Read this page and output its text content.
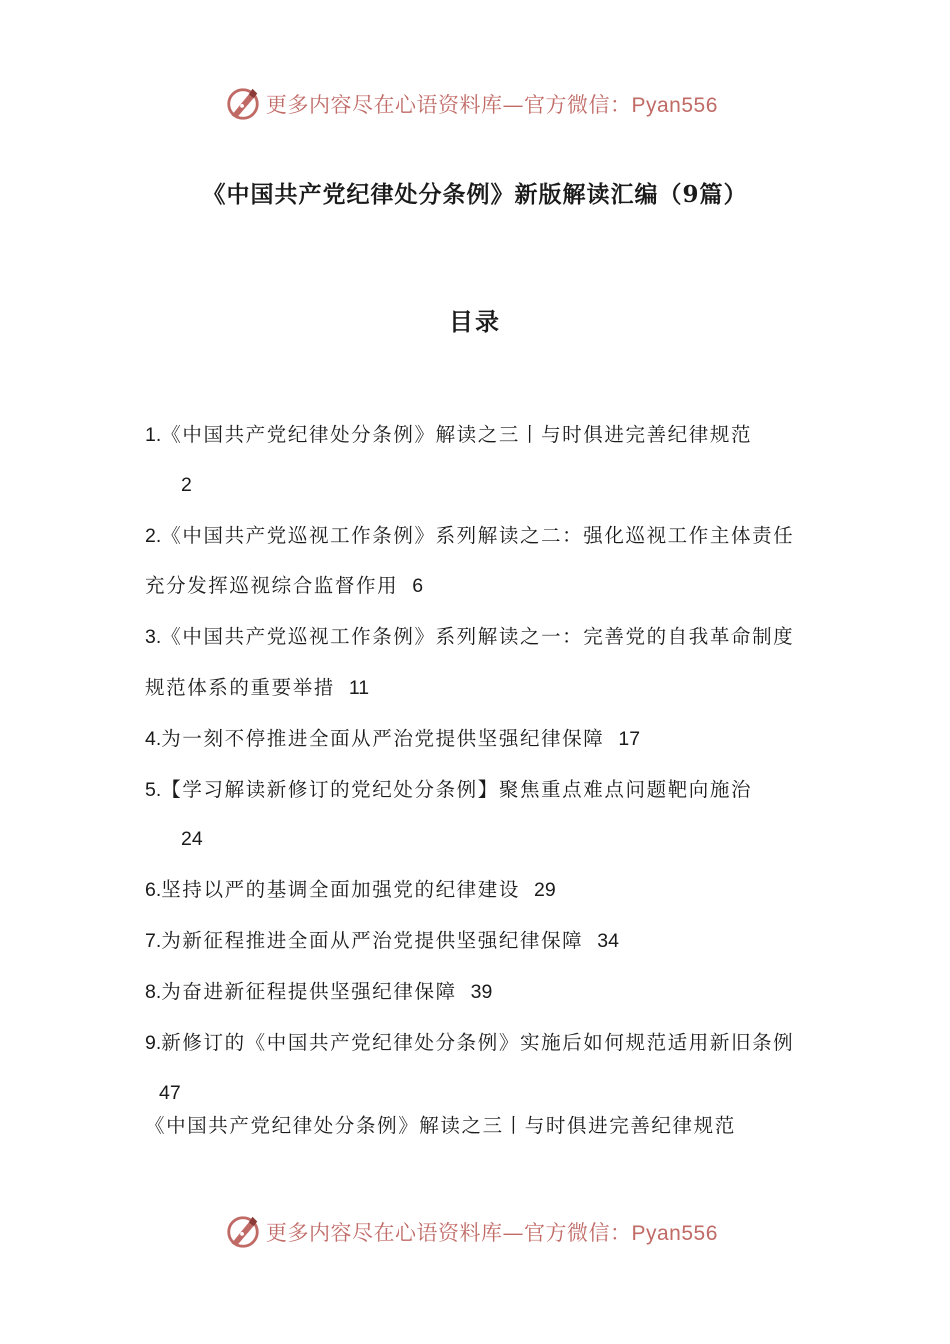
更多内容尽在心语资料库—官方微信：Pyan556
《中国共产党纪律处分条例》新版解读汇编（9篇）
目录
1.《中国共产党纪律处分条例》解读之三丨与时俱进完善纪律规范
2
2.《中国共产党巡视工作条例》系列解读之二：强化巡视工作主体责任充分发挥巡视综合监督作用 6
3.《中国共产党巡视工作条例》系列解读之一：完善党的自我革命制度规范体系的重要举措 11
4.为一刻不停推进全面从严治党提供坚强纪律保障 17
5.【学习解读新修订的党纪处分条例】聚焦重点难点问题靶向施治
24
6.坚持以严的基调全面加强党的纪律建设 29
7.为新征程推进全面从严治党提供坚强纪律保障 34
8.为奋进新征程提供坚强纪律保障 39
9.新修订的《中国共产党纪律处分条例》实施后如何规范适用新旧条例47
《中国共产党纪律处分条例》解读之三丨与时俱进完善纪律规范
更多内容尽在心语资料库—官方微信：Pyan556
